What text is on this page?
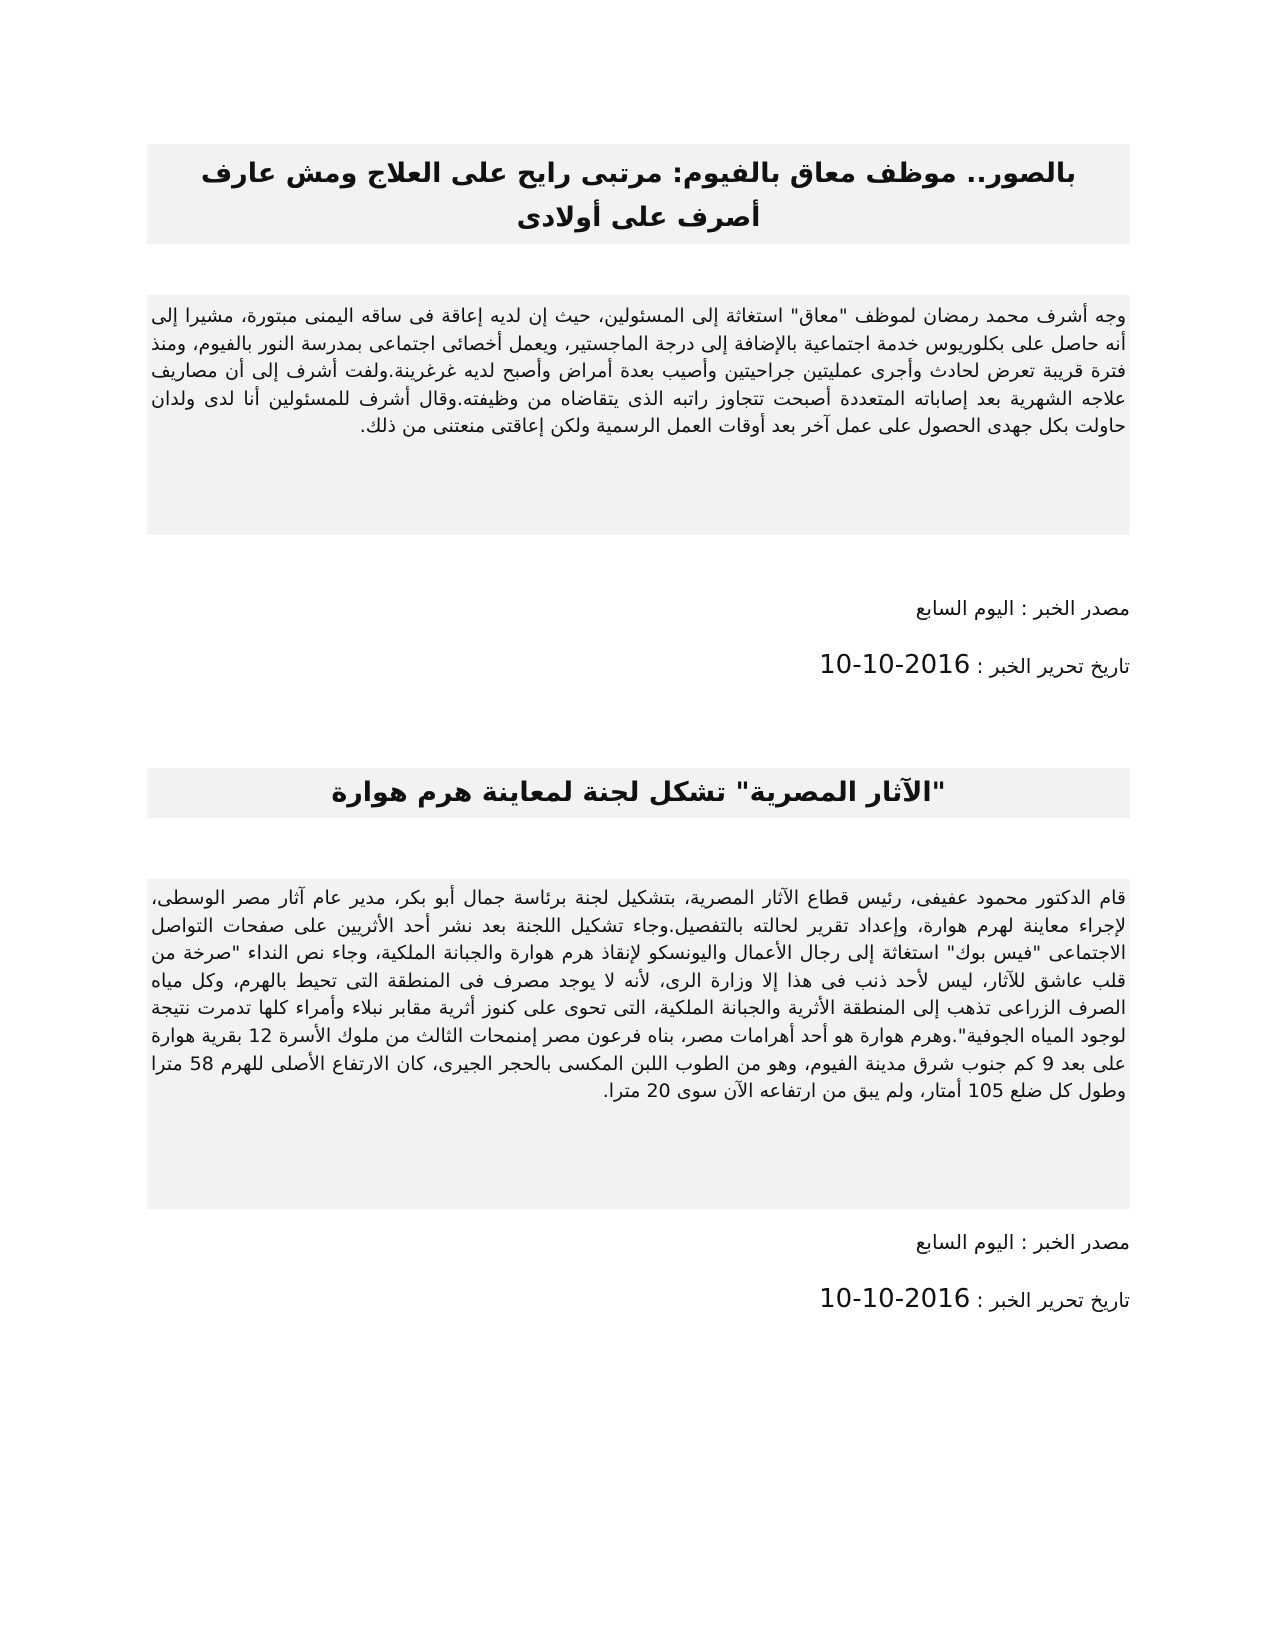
بالصور.. موظف معاق بالفيوم: مرتبى رايح على العلاج ومش عارف أصرف على أولادى
وجه أشرف محمد رمضان لموظف "معاق" استغاثة إلى المسئولين، حيث إن لديه إعاقة فى ساقه اليمنى مبتورة، مشيرا إلى أنه حاصل على بكلوريوس خدمة اجتماعية بالإضافة إلى درجة الماجستير، ويعمل أخصائى اجتماعى بمدرسة النور بالفيوم، ومنذ فترة قريبة تعرض لحادث وأجرى عمليتين جراحيتين وأصيب بعدة أمراض وأصبح لديه غرغرينة.ولفت أشرف إلى أن مصاريف علاجه الشهرية بعد إصاباته المتعددة أصبحت تتجاوز راتبه الذى يتقاضاه من وظيفته.وقال أشرف للمسئولين أنا لدى ولدان حاولت بكل جهدى الحصول على عمل آخر بعد أوقات العمل الرسمية ولكن إعاقتى منعتنى من ذلك.
مصدر الخبر : اليوم السابع
تاريخ تحرير الخبر : 2016-10-10
"الآثار المصرية" تشكل لجنة لمعاينة هرم هوارة
قام الدكتور محمود عفيفى، رئيس قطاع الآثار المصرية، بتشكيل لجنة برئاسة جمال أبو بكر، مدير عام آثار مصر الوسطى، لإجراء معاينة لهرم هوارة، وإعداد تقرير لحالته بالتفصيل.وجاء تشكيل اللجنة بعد نشر أحد الأثريين على صفحات التواصل الاجتماعى "فيس بوك" استغاثة إلى رجال الأعمال واليونسكو لإنقاذ هرم هوارة والجبانة الملكية، وجاء نص النداء "صرخة من قلب عاشق للآثار، ليس لأحد ذنب فى هذا إلا وزارة الرى، لأنه لا يوجد مصرف فى المنطقة التى تحيط بالهرم، وكل مياه الصرف الزراعى تذهب إلى المنطقة الأثرية والجبانة الملكية، التى تحوى على كنوز أثرية مقابر نبلاء وأمراء كلها تدمرت نتيجة لوجود المياه الجوفية".وهرم هوارة هو أحد أهرامات مصر، بناه فرعون مصر إمنمحات الثالث من ملوك الأسرة 12 بقرية هوارة على بعد 9 كم جنوب شرق مدينة الفيوم، وهو من الطوب اللبن المكسى بالحجر الجيرى، كان الارتفاع الأصلى للهرم 58 مترا وطول كل ضلع 105 أمتار، ولم يبق من ارتفاعه الآن سوى 20 مترا.
مصدر الخبر : اليوم السابع
تاريخ تحرير الخبر : 2016-10-10
